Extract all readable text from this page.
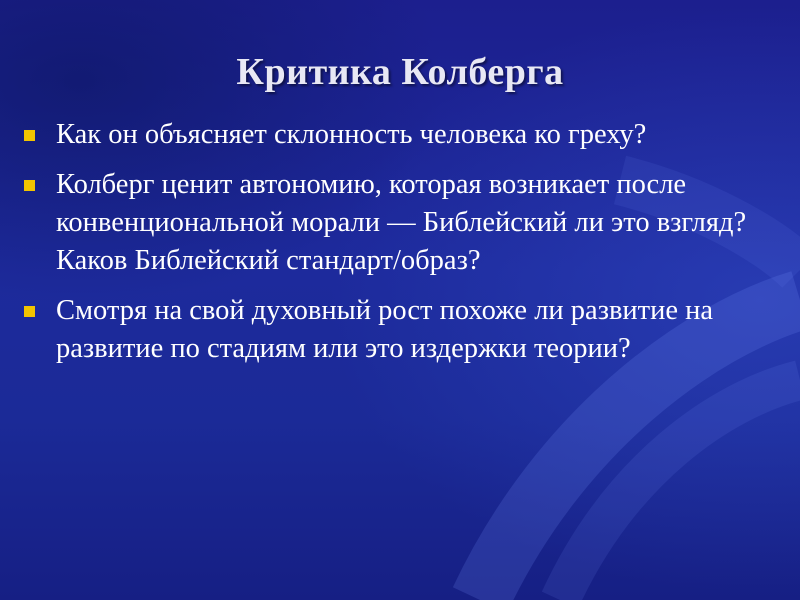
Критика Колберга
Как он объясняет склонность человека ко греху?
Колберг ценит автономию, которая возникает после конвенциональной морали — Библейский ли это взгляд? Каков Библейский стандарт/образ?
Смотря на свой духовный рост похоже ли развитие на развитие по стадиям или это издержки теории?
